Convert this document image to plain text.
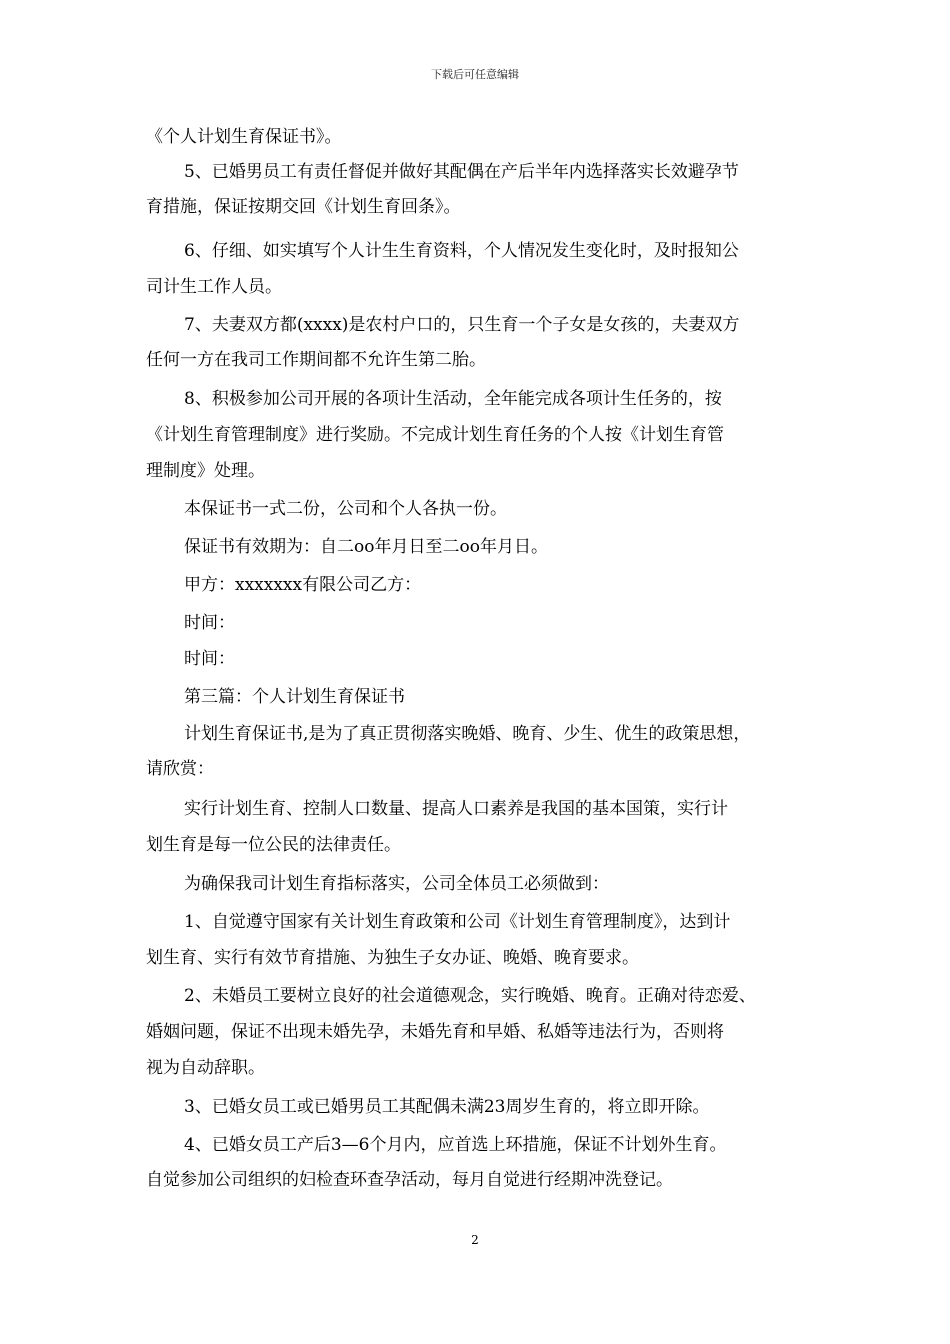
下载后可任意编辑
《个人计划生育保证书》。
5、已婚男员工有责任督促并做好其配偶在产后半年内选择落实长效避孕节
育措施，保证按期交回《计划生育回条》。
6、仔细、如实填写个人计生生育资料，个人情况发生变化时，及时报知公
司计生工作人员。
7、夫妻双方都(xxxx)是农村户口的，只生育一个子女是女孩的，夫妻双方
任何一方在我司工作期间都不允许生第二胎。
8、积极参加公司开展的各项计生活动，全年能完成各项计生任务的，按
《计划生育管理制度》进行奖励。不完成计划生育任务的个人按《计划生育管
理制度》处理。
本保证书一式二份，公司和个人各执一份。
保证书有效期为：自二oo年月日至二oo年月日。
甲方：xxxxxxx有限公司乙方：
时间：
时间：
第三篇：个人计划生育保证书
计划生育保证书,是为了真正贯彻落实晚婚、晚育、少生、优生的政策思想，
请欣赏：
实行计划生育、控制人口数量、提高人口素养是我国的基本国策，实行计
划生育是每一位公民的法律责任。
为确保我司计划生育指标落实，公司全体员工必须做到：
1、自觉遵守国家有关计划生育政策和公司《计划生育管理制度》，达到计
划生育、实行有效节育措施、为独生子女办证、晚婚、晚育要求。
2、未婚员工要树立良好的社会道德观念，实行晚婚、晚育。正确对待恋爱、
婚姻问题，保证不出现未婚先孕，未婚先育和早婚、私婚等违法行为，否则将
视为自动辞职。
3、已婚女员工或已婚男员工其配偶未满23周岁生育的，将立即开除。
4、已婚女员工产后3—6个月内，应首选上环措施，保证不计划外生育。
自觉参加公司组织的妇检查环查孕活动，每月自觉进行经期冲洗登记。
2
